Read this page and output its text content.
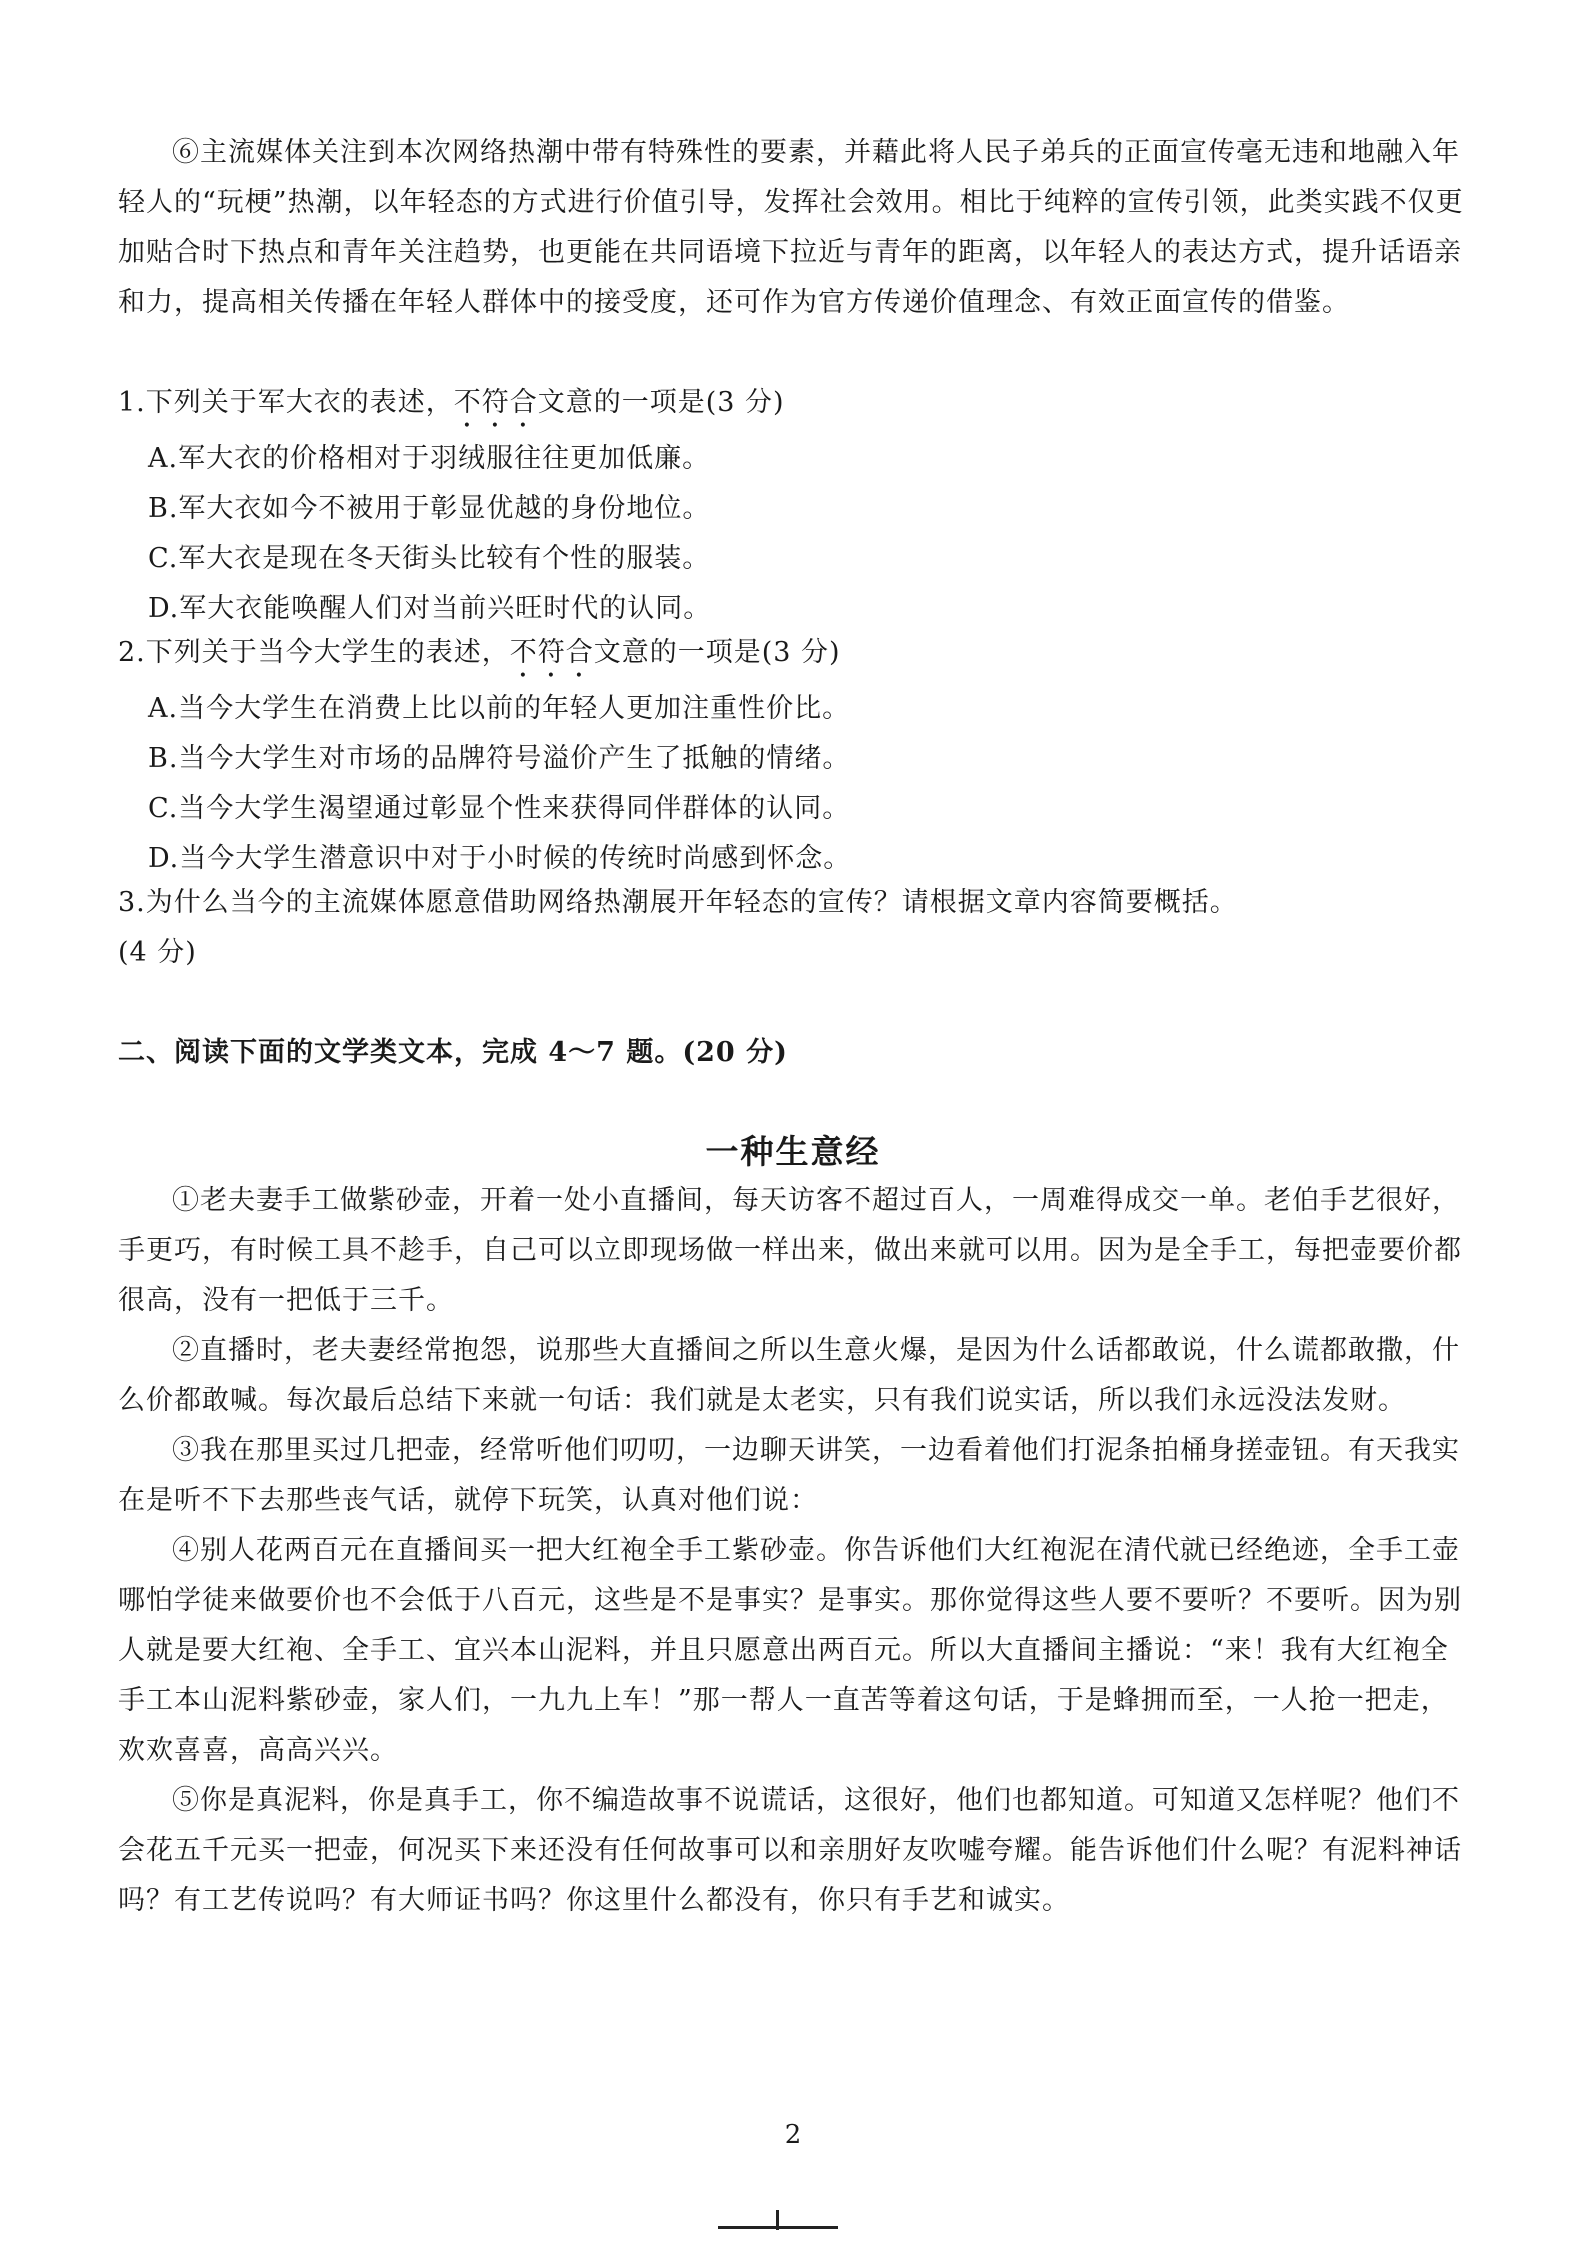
⑥主流媒体关注到本次网络热潮中带有特殊性的要素，并藉此将人民子弟兵的正面宣传毫无违和地融入年轻人的“玩梗”热潮，以年轻态的方式进行价值引导，发挥社会效用。相比于纯粹的宣传引领，此类实践不仅更加贴合时下热点和青年关注趋势，也更能在共同语境下拉近与青年的距离，以年轻人的表达方式，提升话语亲和力，提高相关传播在年轻人群体中的接受度，还可作为官方传递价值理念、有效正面宣传的借鉴。

1.下列关于军大衣的表述，不符合文意的一项是(3 分)

A.军大衣的价格相对于羽绒服往往更加低廉。

B.军大衣如今不被用于彰显优越的身份地位。

C.军大衣是现在冬天街头比较有个性的服装。

D.军大衣能唤醒人们对当前兴旺时代的认同。

2.下列关于当今大学生的表述，不符合文意的一项是(3 分)

A.当今大学生在消费上比以前的年轻人更加注重性价比。

B.当今大学生对市场的品牌符号溢价产生了抵触的情绪。

C.当今大学生渴望通过彰显个性来获得同伴群体的认同。

D.当今大学生潜意识中对于小时候的传统时尚感到怀念。

3.为什么当今的主流媒体愿意借助网络热潮展开年轻态的宣传？请根据文章内容简要概括。

(4 分)

二、阅读下面的文学类文本，完成 4～7 题。(20 分)

一种生意经

①老夫妻手工做紫砂壶，开着一处小直播间，每天访客不超过百人，一周难得成交一单。老伯手艺很好，手更巧，有时候工具不趁手，自己可以立即现场做一样出来，做出来就可以用。因为是全手工，每把壶要价都很高，没有一把低于三千。

②直播时，老夫妻经常抱怨，说那些大直播间之所以生意火爆，是因为什么话都敢说，什么谎都敢撒，什么价都敢喊。每次最后总结下来就一句话：我们就是太老实，只有我们说实话，所以我们永远没法发财。

③我在那里买过几把壶，经常听他们叨叨，一边聊天讲笑，一边看着他们打泥条拍桶身搓壶钮。有天我实在是听不下去那些丧气话，就停下玩笑，认真对他们说：

④别人花两百元在直播间买一把大红袍全手工紫砂壶。你告诉他们大红袍泥在清代就已经绝迹，全手工壶哪怕学徒来做要价也不会低于八百元，这些是不是事实？是事实。那你觉得这些人要不要听？不要听。因为别人就是要大红袍、全手工、宜兴本山泥料，并且只愿意出两百元。所以大直播间主播说：“来！我有大红袍全手工本山泥料紫砂壶，家人们，一九九上车！”那一帮人一直苦等着这句话，于是蜂拥而至，一人抢一把走，欢欢喜喜，高高兴兴。

⑤你是真泥料，你是真手工，你不编造故事不说谎话，这很好，他们也都知道。可知道又怎样呢？他们不会花五千元买一把壶，何况买下来还没有任何故事可以和亲朋好友吹嘘夸耀。能告诉他们什么呢？有泥料神话吗？有工艺传说吗？有大师证书吗？你这里什么都没有，你只有手艺和诚实。

2
